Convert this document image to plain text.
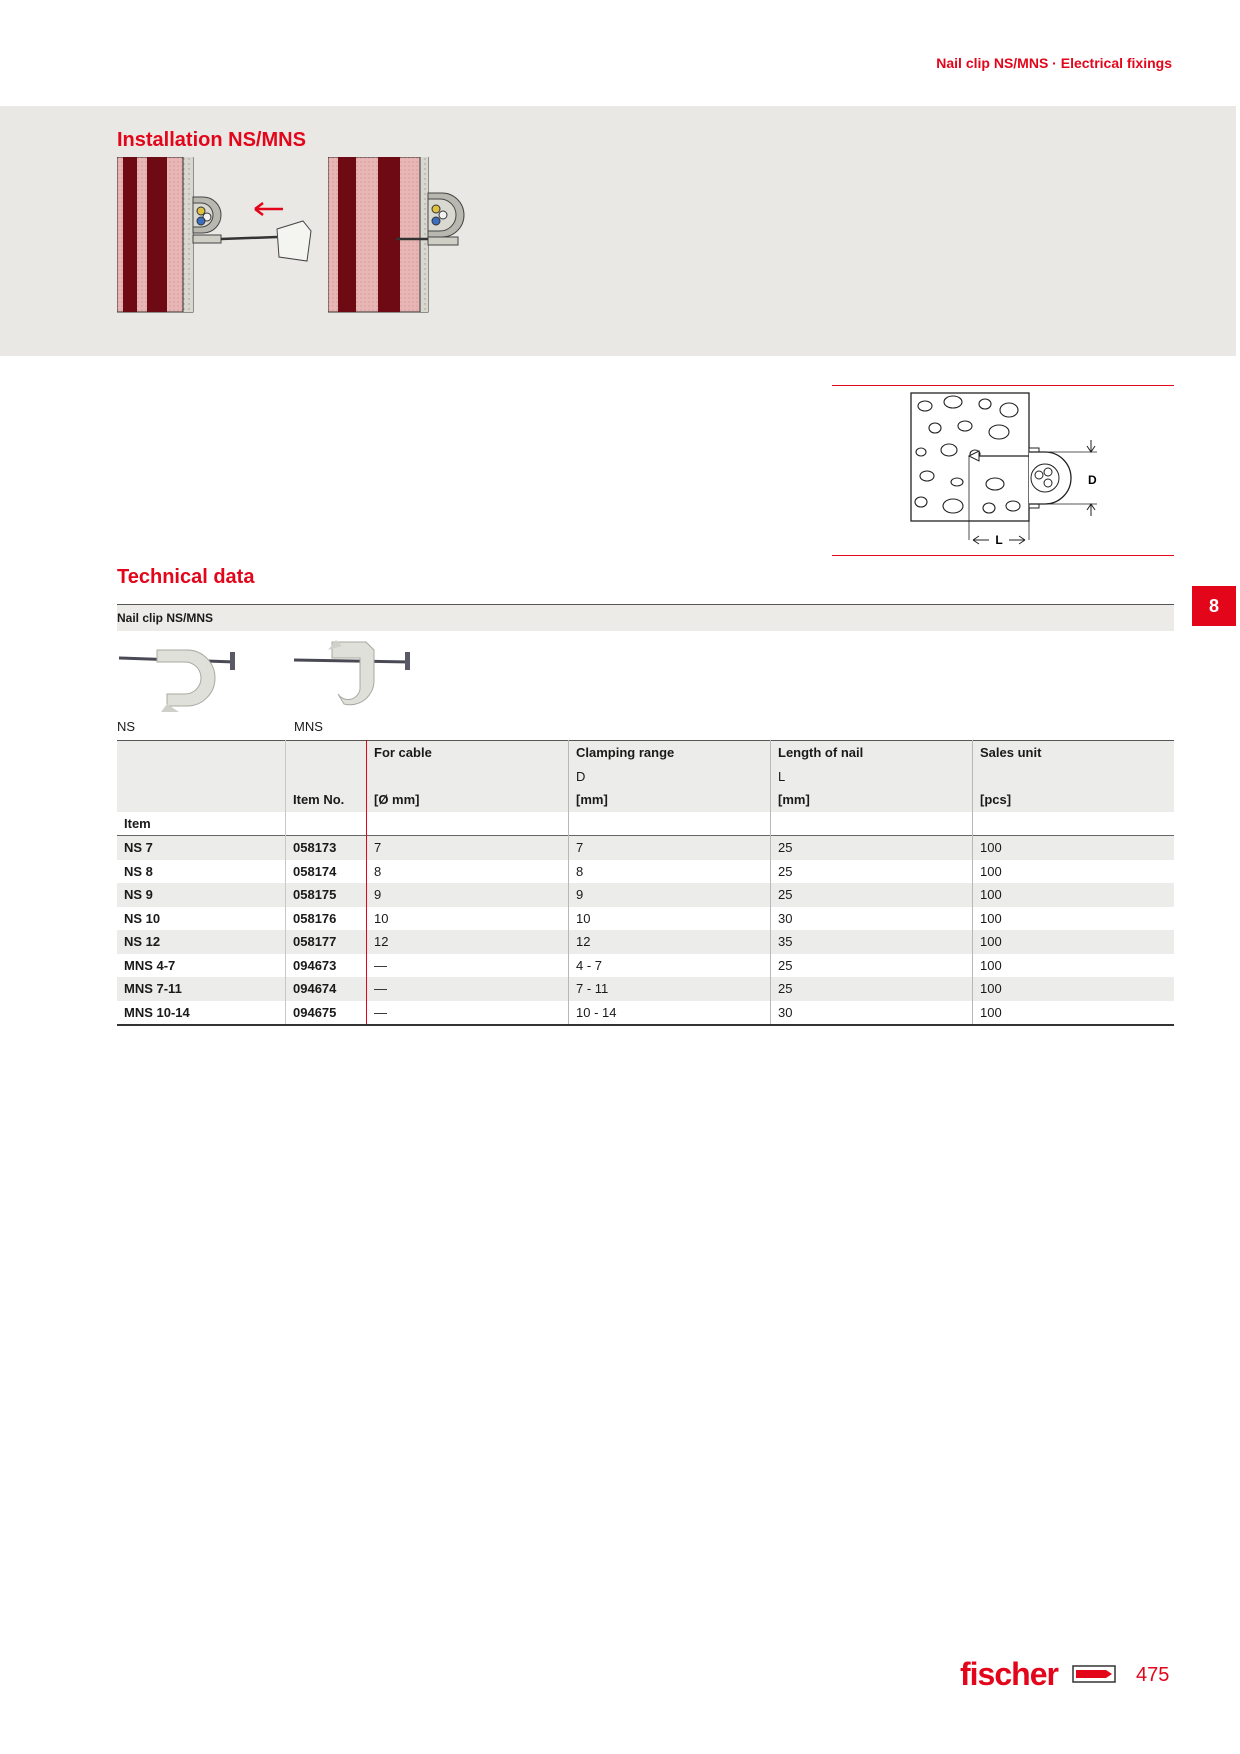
Nail clip NS/MNS · Electrical fixings
Installation NS/MNS
D
L
8
Technical data
Nail clip NS/MNS
NS	MNS
		For cable	Clamping range	Length of nail	Sales unit
			D	L	
	Item No.	[Ø mm]	[mm]	[mm]	[pcs]
Item					
NS 7	058173	7	7	25	100
NS 8	058174	8	8	25	100
NS 9	058175	9	9	25	100
NS 10	058176	10	10	30	100
NS 12	058177	12	12	35	100
MNS 4-7	094673	—	4 - 7	25	100
MNS 7-11	094674	—	7 - 11	25	100
MNS 10-14	094675	—	10 - 14	30	100
fischer	475
